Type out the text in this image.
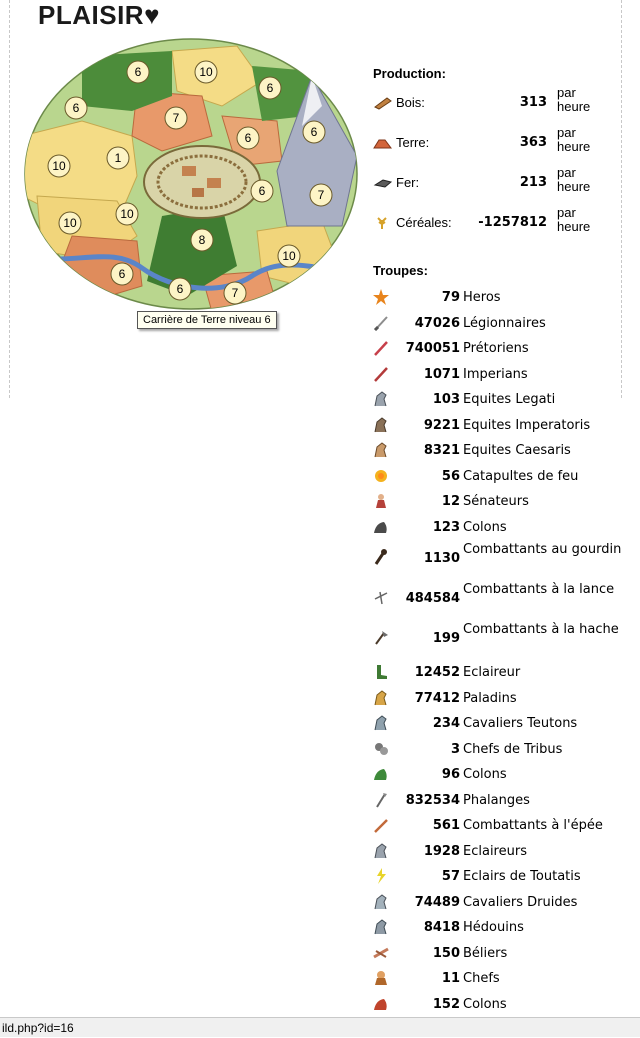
PLAISIR♥
6	10
6
6
7
6
6
10
1
6
10
10
7
8
10
6
6	7
Carrière de Terre niveau 6
Production:
Bois:	313
par heure
Terre:	363
par heure
Fer:	213
par heure
Céréales: -1257812
par heure
Troupes:
79 Heros
47026 Légionnaires
740051 Prétoriens
1071 Imperians
103 Equites Legati
9221 Equites Imperatoris
8321 Equites Caesaris
56 Catapultes de feu
12 Sénateurs
123 Colons
1130
Combattants au gourdin
484584
Combattants à la lance
199
Combattants à la hache
12452 Eclaireur
77412 Paladins
234 Cavaliers Teutons
3 Chefs de Tribus
96 Colons
832534 Phalanges
561 Combattants à l'épée
1928 Eclaireurs
57 Eclairs de Toutatis
74489 Cavaliers Druides
8418 Hédouins
150 Béliers
11 Chefs
152 Colons
ild.php?id=16
